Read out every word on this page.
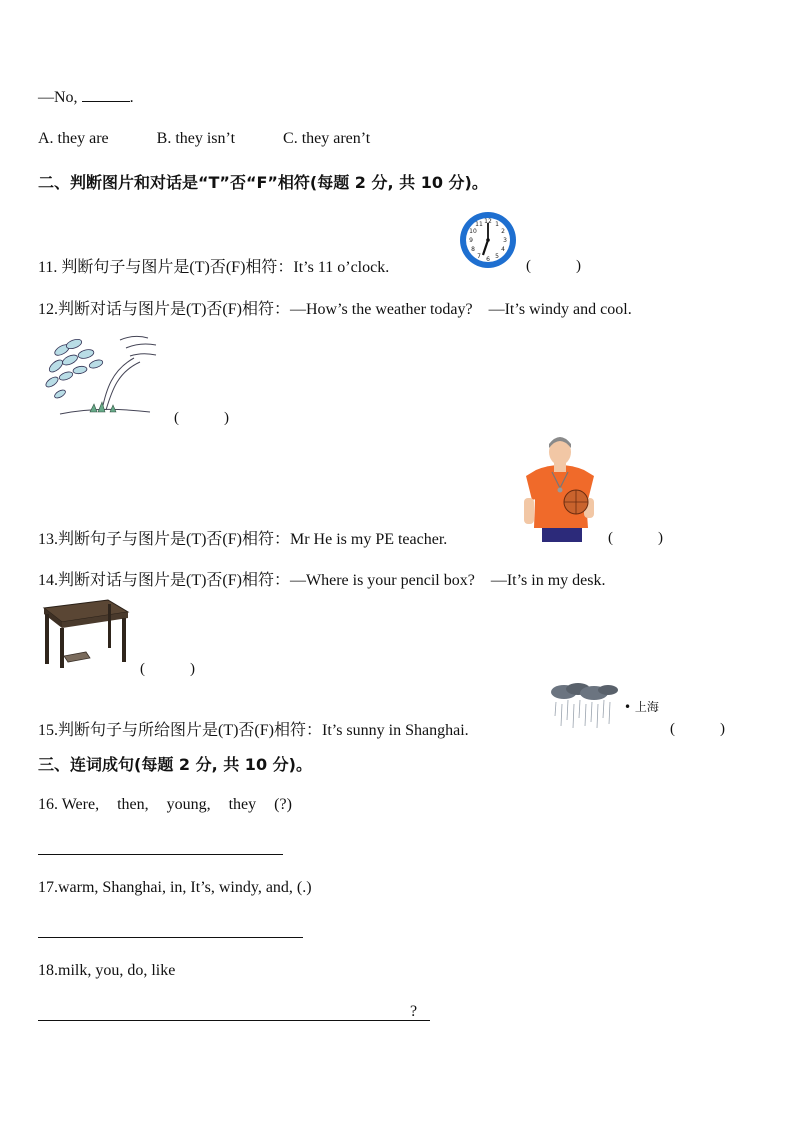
—No,	.
A. they are	B. they isn’t	C. they aren’t
二、判断图片和对话是“T”否“F”相符(每题 2 分, 共 10 分)。
11. 判断句子与图片是(T)否(F)相符：It’s 11 o’clock.
12 1
2
3
4
5
6
7
8
9
10
11
(　　　)
12.判断对话与图片是(T)否(F)相符：—How’s the weather today?　—It’s windy and cool.
(　　　)
13.判断句子与图片是(T)否(F)相符：Mr He is my PE teacher.	(　　　)
14.判断对话与图片是(T)否(F)相符：—Where is your pencil box?　—It’s in my desk.
(　　　)
• 上海
15.判断句子与所给图片是(T)否(F)相符：It’s sunny in Shanghai.	(　　　)
三、连词成句(每题 2 分, 共 10 分)。
16. Were, then, young, they (?)
17.warm, Shanghai, in, It’s, windy, and, (.)
18.milk, you, do, like
?
